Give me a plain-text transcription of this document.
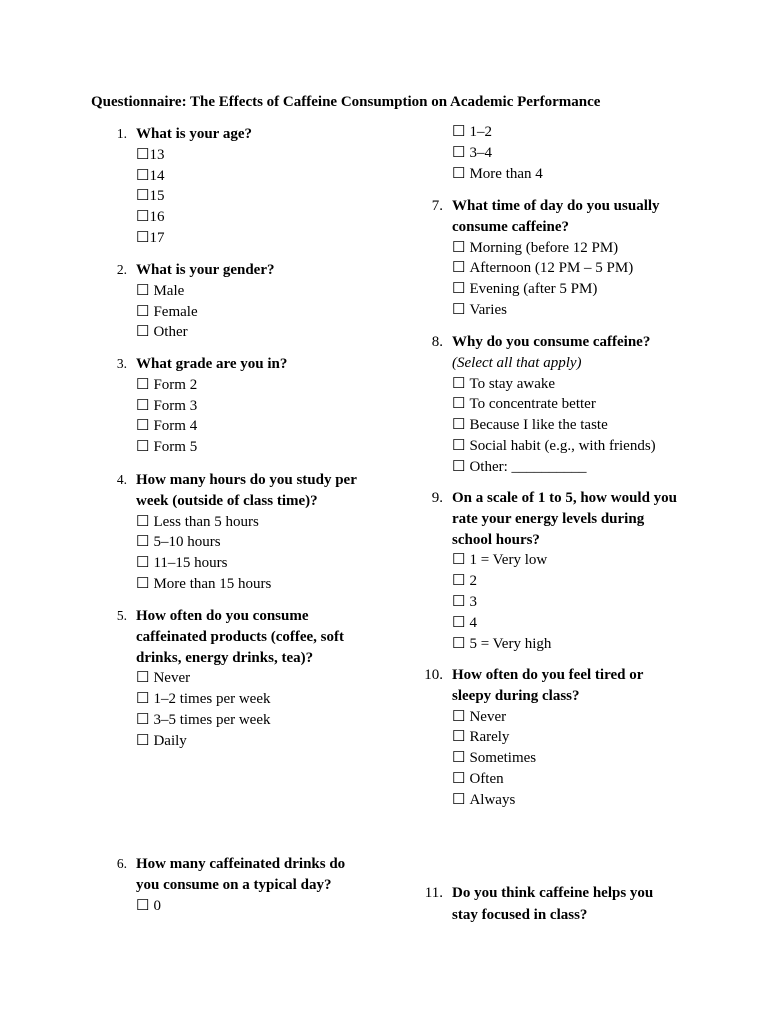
Questionnaire: The Effects of Caffeine Consumption on Academic Performance
1. What is your age?
☐13
☐14
☐15
☐16
☐17
2. What is your gender?
☐ Male
☐ Female
☐ Other
3. What grade are you in?
☐ Form 2
☐ Form 3
☐ Form 4
☐ Form 5
4. How many hours do you study per week (outside of class time)?
☐ Less than 5 hours
☐ 5–10 hours
☐ 11–15 hours
☐ More than 15 hours
5. How often do you consume caffeinated products (coffee, soft drinks, energy drinks, tea)?
☐ Never
☐ 1–2 times per week
☐ 3–5 times per week
☐ Daily
6. How many caffeinated drinks do you consume on a typical day?
☐ 0
☐ 1–2
☐ 3–4
☐ More than 4
7. What time of day do you usually consume caffeine?
☐ Morning (before 12 PM)
☐ Afternoon (12 PM – 5 PM)
☐ Evening (after 5 PM)
☐ Varies
8. Why do you consume caffeine?
(Select all that apply)
☐ To stay awake
☐ To concentrate better
☐ Because I like the taste
☐ Social habit (e.g., with friends)
☐ Other: __________
9. On a scale of 1 to 5, how would you rate your energy levels during school hours?
☐ 1 = Very low
☐ 2
☐ 3
☐ 4
☐ 5 = Very high
10. How often do you feel tired or sleepy during class?
☐ Never
☐ Rarely
☐ Sometimes
☐ Often
☐ Always
11. Do you think caffeine helps you stay focused in class?
